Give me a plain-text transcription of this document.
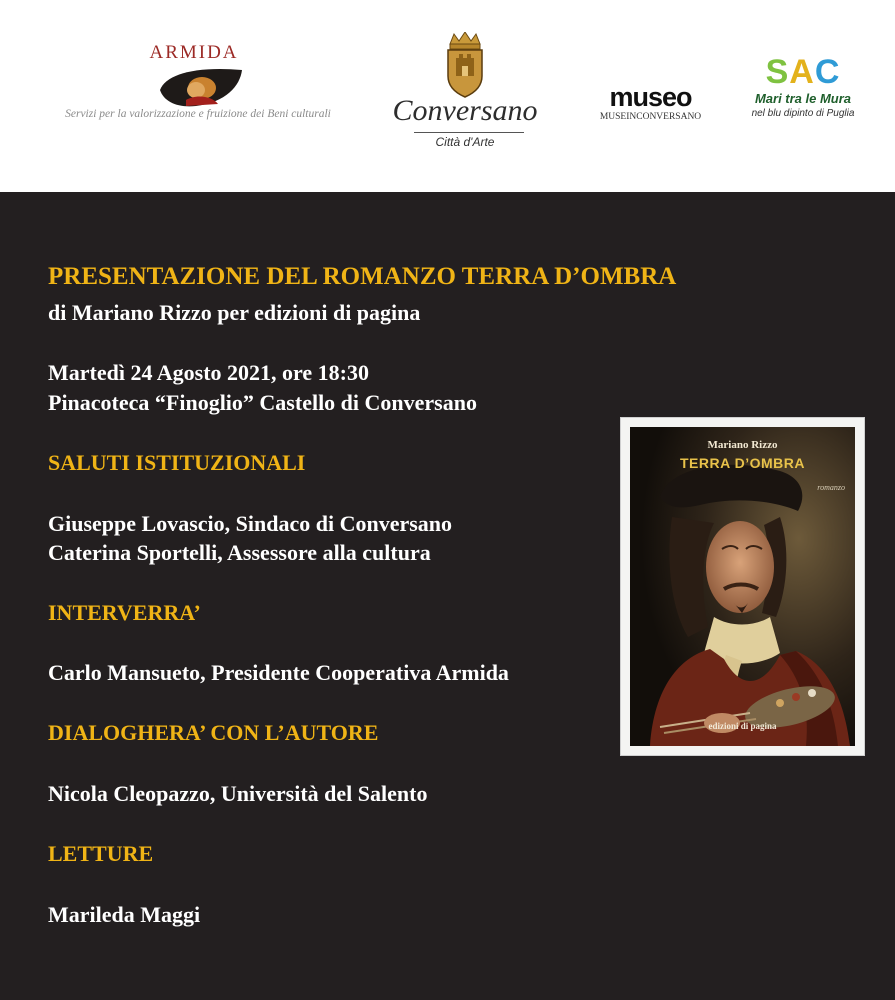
ARMIDA
Servizi per la valorizzazione e fruizione dei Beni culturali	Conversano
Città d'Arte
museo
MUSEINCONVERSANO
SAC
Mari tra le Mura
nel blu dipinto di Puglia

PRESENTAZIONE DEL ROMANZO TERRA D’OMBRA

di Mariano Rizzo per edizioni di pagina

Martedì 24 Agosto 2021, ore 18:30

Pinacoteca “Finoglio” Castello di Conversano

SALUTI ISTITUZIONALI

Giuseppe Lovascio, Sindaco di Conversano

Caterina Sportelli, Assessore alla cultura

INTERVERRA’

Carlo Mansueto, Presidente Cooperativa Armida

DIALOGHERA’ CON L’AUTORE

Nicola Cleopazzo, Università del Salento

LETTURE

Marileda Maggi

Mariano Rizzo
TERRA D’OMBRA
romanzo
edizioni di pagina
